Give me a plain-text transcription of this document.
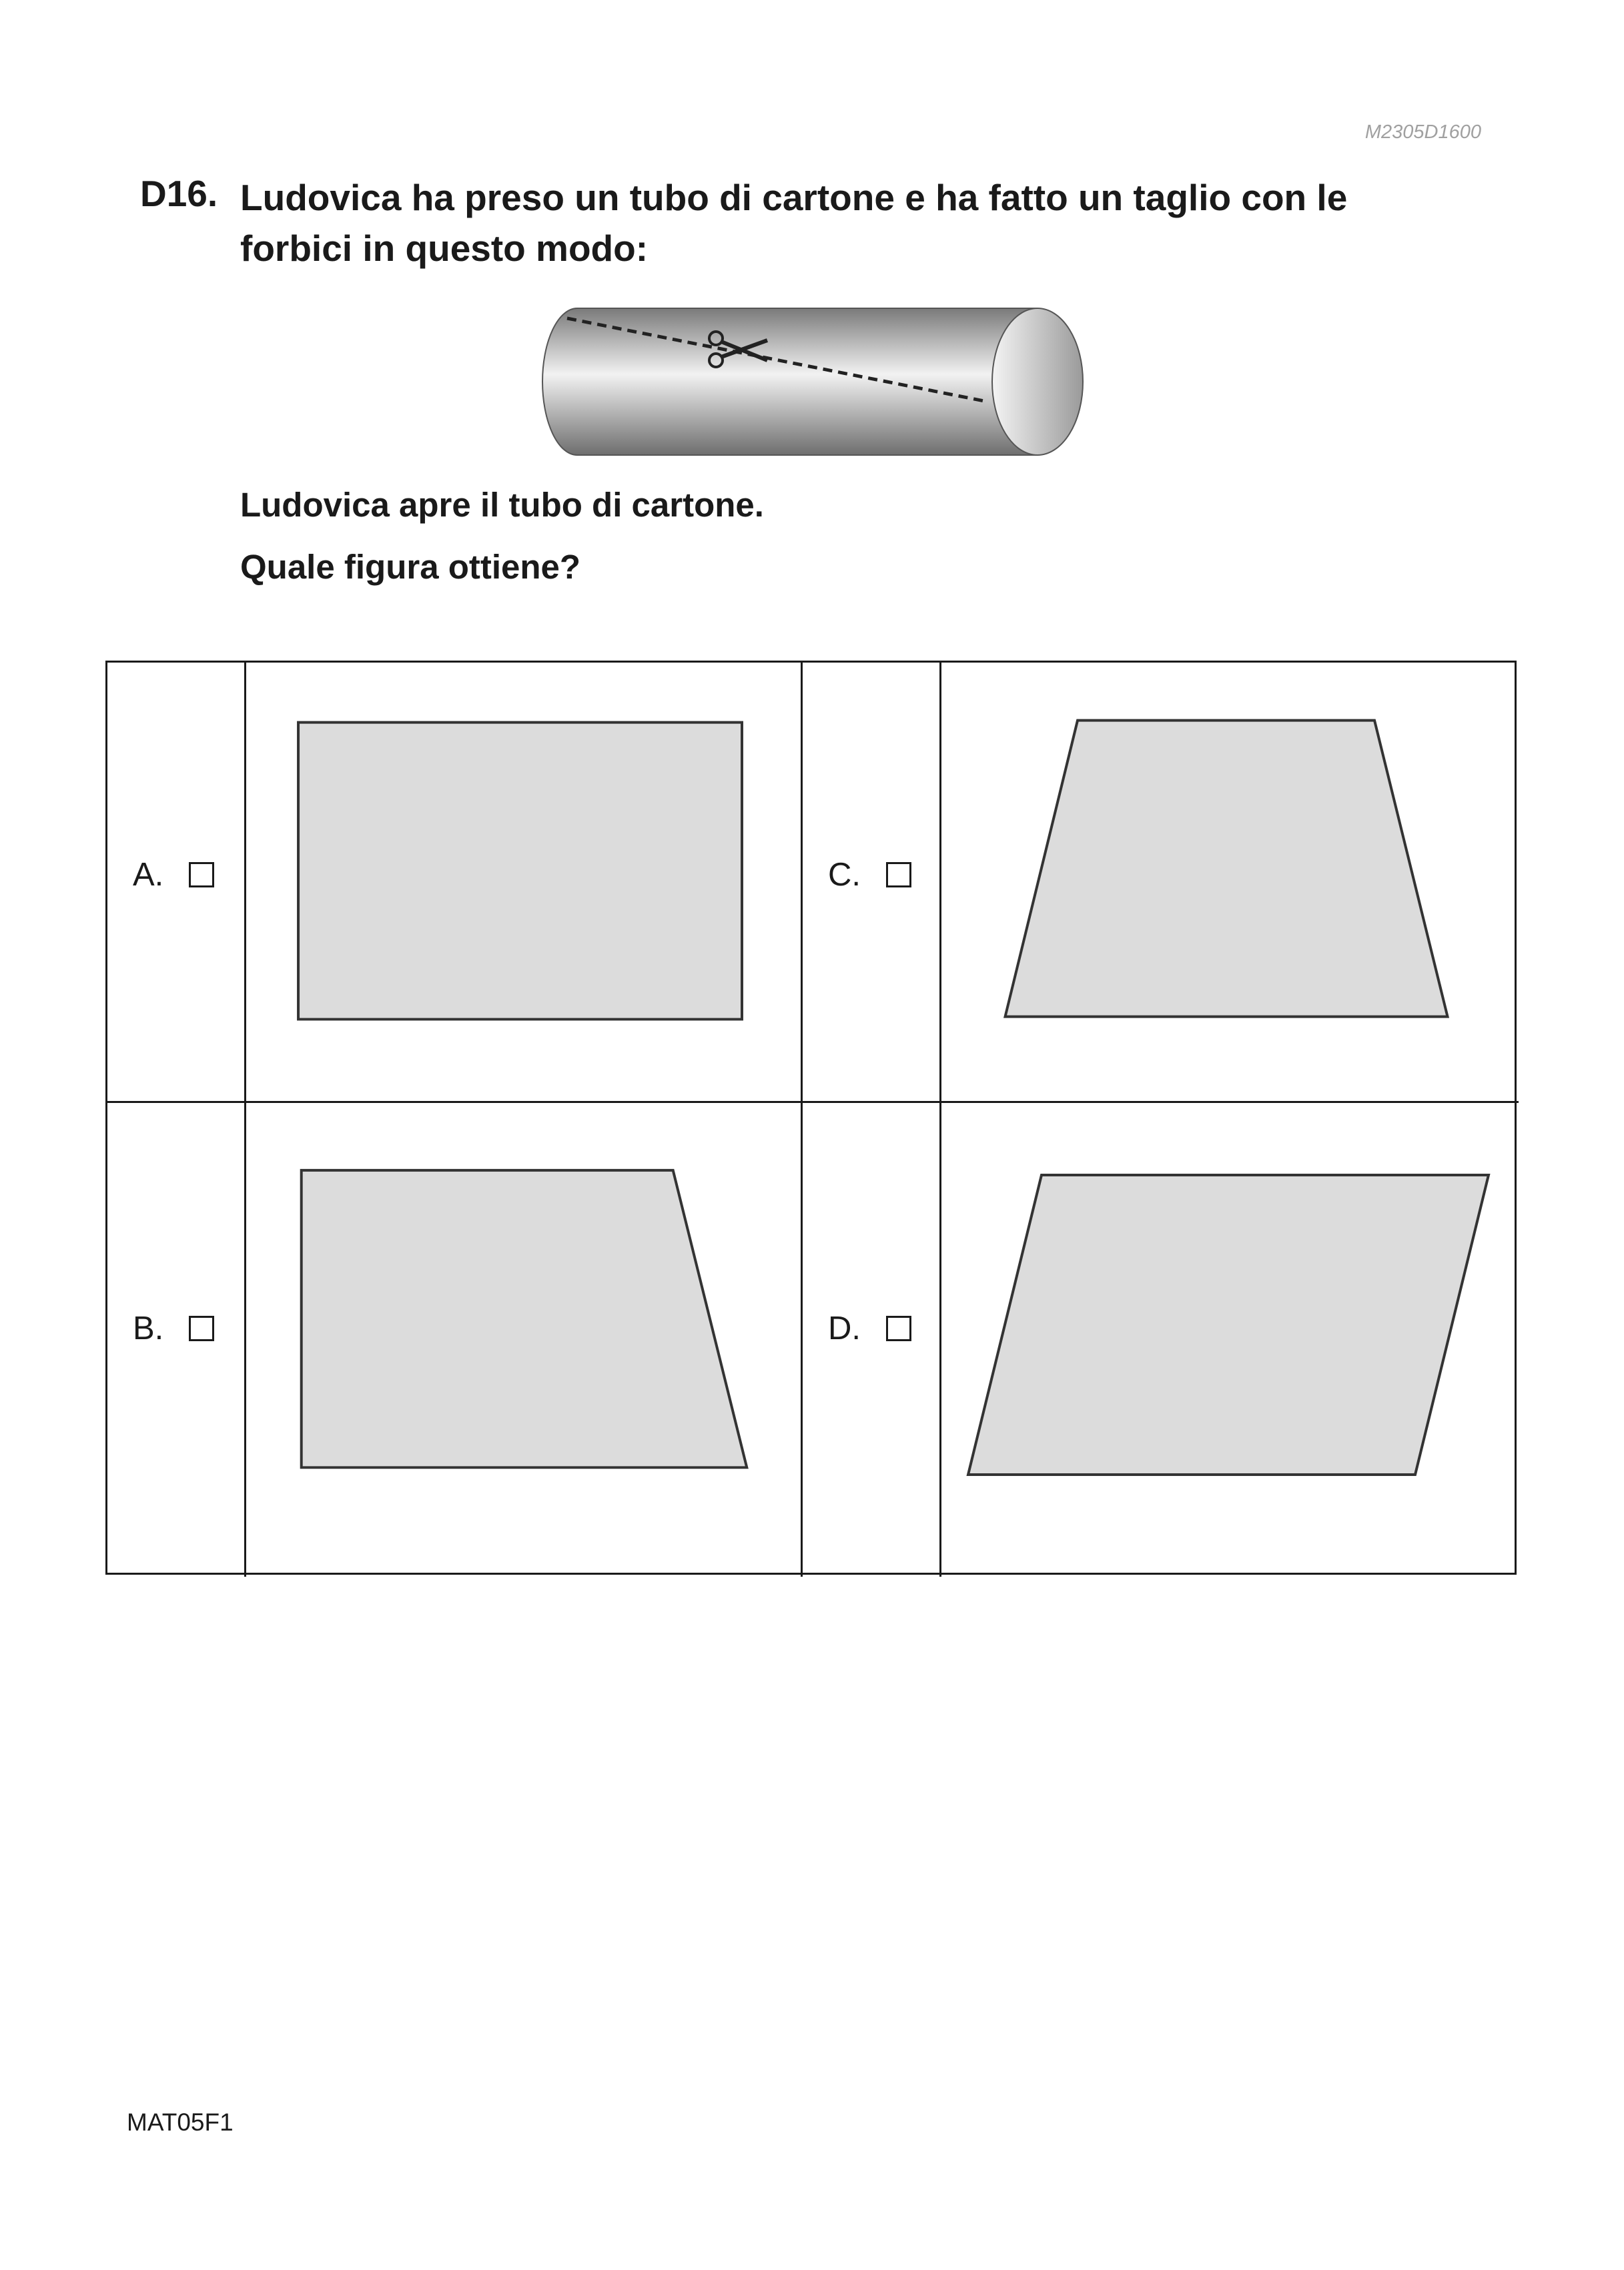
M2305D1600
D16. Ludovica ha preso un tubo di cartone e ha fatto un taglio con le forbici in questo modo:
Ludovica apre il tubo di cartone.
Quale figura ottiene?
A.	C.
B.	D.
MAT05F1
